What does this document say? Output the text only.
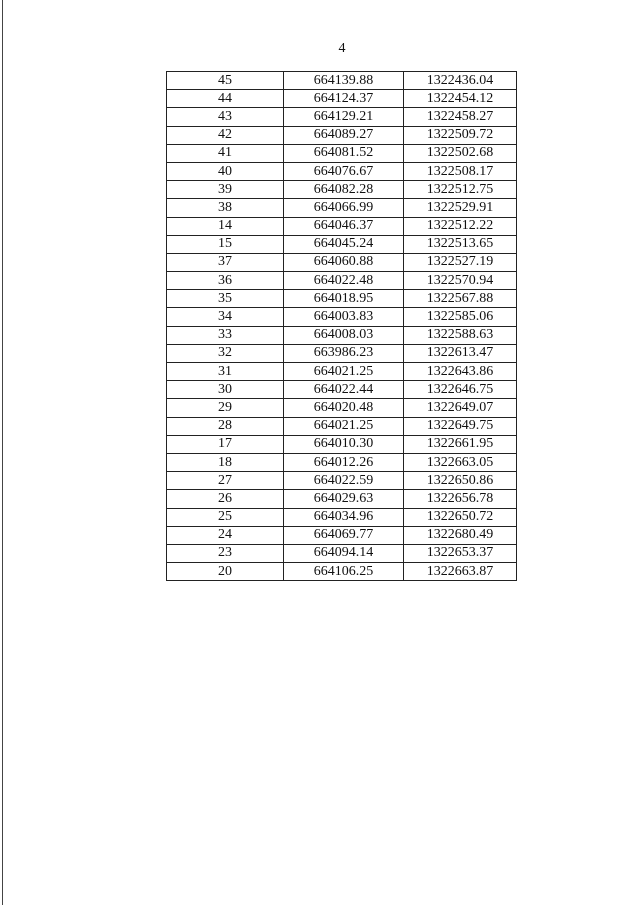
4
45	664139.88	1322436.04
44	664124.37	1322454.12
43	664129.21	1322458.27
42	664089.27	1322509.72
41	664081.52	1322502.68
40	664076.67	1322508.17
39	664082.28	1322512.75
38	664066.99	1322529.91
14	664046.37	1322512.22
15	664045.24	1322513.65
37	664060.88	1322527.19
36	664022.48	1322570.94
35	664018.95	1322567.88
34	664003.83	1322585.06
33	664008.03	1322588.63
32	663986.23	1322613.47
31	664021.25	1322643.86
30	664022.44	1322646.75
29	664020.48	1322649.07
28	664021.25	1322649.75
17	664010.30	1322661.95
18	664012.26	1322663.05
27	664022.59	1322650.86
26	664029.63	1322656.78
25	664034.96	1322650.72
24	664069.77	1322680.49
23	664094.14	1322653.37
20	664106.25	1322663.87
